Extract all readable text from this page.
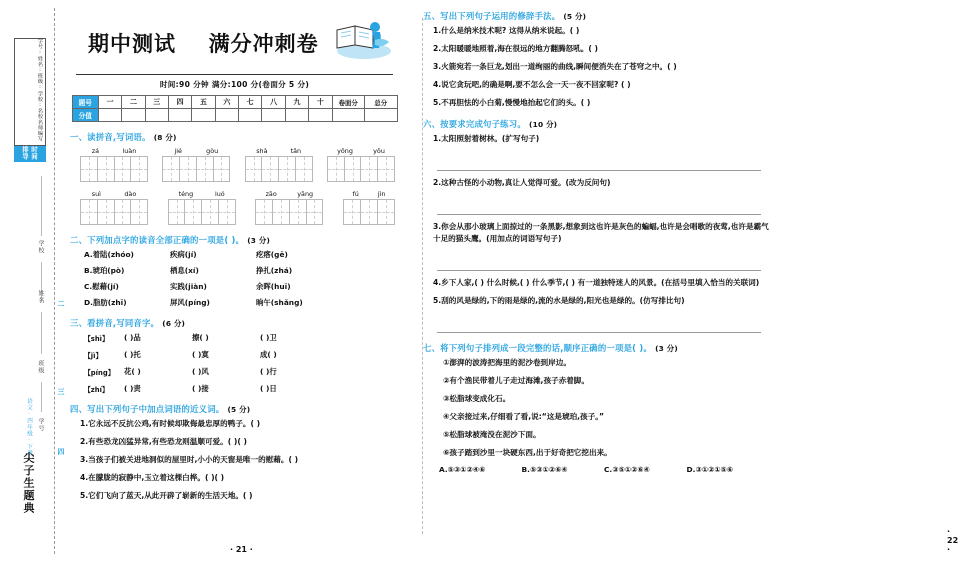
名校名师编写
学校:
班级:
姓名:
学号:
时间排导
学校
二
姓名
班级
三
四
学号
语文·四年级·下册
尖子生题典
期中测试 满分冲刺卷
时间:90 分钟 满分:100 分(卷面分 5 分)
题号	一	二	三	四	五	六	七	八	九	十	卷面分	总分
分值												
一、读拼音,写词语。 (8 分)
zá	luàn	jié	gòu	shà	tǎn	yǒng	yǒu
suì	dào	téng	luó	zāo	yāng	fú	jìn
二、下列加点字的读音全部正确的一项是( )。 (3 分)
A.着陆(zhóo)	疾病(jí)	疙瘩(gē)
B.琥珀(pò)	栖息(xí)	挣扎(zhá)
C.慰藉(jí)	实践(jiàn)	余晖(huī)
D.脂肪(zhī)	屏风(píng)	晌午(shǎng)
三、看拼音,写同音字。 (6 分)
【shì】	( )品	擦( )	( )卫
【jì】	( )托	( )寞	成( )
【píng】	花( )	( )风	( )行
【zhí】	( )责	( )接	( )日
四、写出下列句子中加点词语的近义词。 (5 分)
1.它永远不反抗公鸡,有时候却欺侮最忠厚的鸭子。( )
2.有些恐龙凶猛异常,有些恐龙则温顺可爱。( )( )
3.当孩子们被关进地洞似的屋里时,小小的天窗是唯一的慰藉。( )
4.在朦胧的寂静中,玉立着这棵白桦。( )( )
5.它们飞向了蓝天,从此开辟了崭新的生活天地。( )
· 21 ·
五、写出下列句子运用的修辞手法。 (5 分)
1.什么是纳米技术呢? 这得从纳米说起。( )
2.太阳暖暖地照着,海在很远的地方翻腾怒吼。( )
3.火箭宛若一条巨龙,划出一道绚丽的曲线,瞬间便消失在了苍穹之中。( )
4.说它贪玩吧,的确是啊,要不怎么会一天一夜不回家呢? ( )
5.不再胆怯的小白菊,慢慢地抬起它们的头。( )
六、按要求完成句子练习。 (10 分)
1.太阳照射着树林。(扩写句子)
2.这种古怪的小动物,真让人觉得可爱。(改为反问句)
3.你会从那小玻璃上面掠过的一条黑影,想象到这也许是灰色的蝙蝠,也许是会唱歌的夜莺,也许是霸气十足的猫头鹰。(用加点的词语写句子)
4.乡下人家,( ) 什么时候,( ) 什么季节,( ) 有一道独特迷人的风景。(在括号里填入恰当的关联词)
5.刮的风是绿的,下的雨是绿的,流的水是绿的,阳光也是绿的。(仿写排比句)
七、将下列句子排列成一段完整的话,顺序正确的一项是( )。 (3 分)
①澎湃的波涛把海里的泥沙卷到岸边。
②有个渔民带着儿子走过海滩,孩子赤着脚。
③松脂球变成化石。
④父亲接过来,仔细看了看,说:“这是琥珀,孩子。”
⑤松脂球被淹没在泥沙下面。
⑥孩子踏到沙里一块硬东西,出于好奇把它挖出来。
A.⑤③①②④⑥	B.⑤③①②⑥④	C.③⑤①②⑥④	D.③①②①⑤⑥
· 22 ·
